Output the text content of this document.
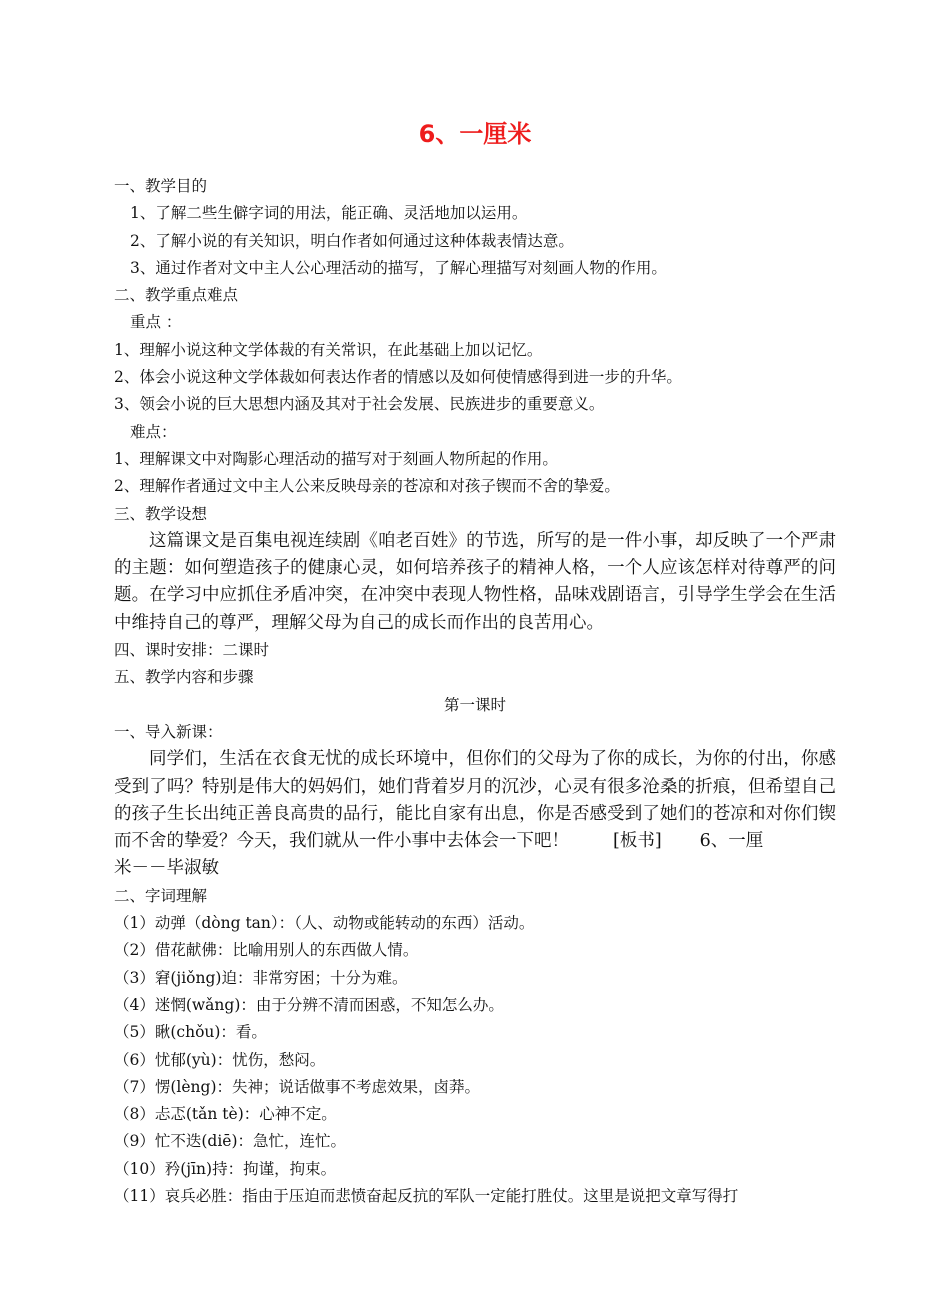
6、一厘米
一、教学目的
1、了解二些生僻字词的用法，能正确、灵活地加以运用。
2、了解小说的有关知识，明白作者如何通过这种体裁表情达意。
3、通过作者对文中主人公心理活动的描写，了解心理描写对刻画人物的作用。
二、教学重点难点
重点 ：
1、理解小说这种文学体裁的有关常识，在此基础上加以记忆。
2、体会小说这种文学体裁如何表达作者的情感以及如何使情感得到进一步的升华。
3、领会小说的巨大思想内涵及其对于社会发展、民族进步的重要意义。
难点：
1、理解课文中对陶影心理活动的描写对于刻画人物所起的作用。
2、理解作者通过文中主人公来反映母亲的苍凉和对孩子锲而不舍的挚爱。
三、教学设想

这篇课文是百集电视连续剧《咱老百姓》的节选，所写的是一件小事，却反映了一个严肃的主题：如何塑造孩子的健康心灵，如何培养孩子的精神人格，一个人应该怎样对待尊严的问题。在学习中应抓住矛盾冲突，在冲突中表现人物性格，品味戏剧语言，引导学生学会在生活中维持自己的尊严，理解父母为自己的成长而作出的良苦用心。

四、课时安排：二课时
五、教学内容和步骤
第一课时
一、导入新课：

同学们，生活在衣食无忧的成长环境中，但你们的父母为了你的成长，为你的付出，你感受到了吗？特别是伟大的妈妈们，她们背着岁月的沉沙，心灵有很多沧桑的折痕，但希望自己的孩子生长出纯正善良高贵的品行，能比自家有出息，你是否感受到了她们的苍凉和对你们锲而不舍的挚爱？今天，我们就从一件小事中去体会一下吧！	[板书] 6、一厘

米－－毕淑敏
二、字词理解
（1）动弹（dòng tan）：（人、动物或能转动的东西）活动。
（2）借花献佛：比喻用别人的东西做人情。
（3）窘(jiǒng)迫：非常穷困；十分为难。
（4）迷惘(wǎng)：由于分辨不清而困惑，不知怎么办。
（5）瞅(chǒu)：看。
（6）忧郁(yù)：忧伤，愁闷。
（7）愣(lèng)：失神；说话做事不考虑效果，卤莽。
（8）忐忑(tǎn tè)：心神不定。
（9）忙不迭(diē)：急忙，连忙。
（10）矜(jīn)持：拘谨，拘束。
（11）哀兵必胜：指由于压迫而悲愤奋起反抗的军队一定能打胜仗。这里是说把文章写得打
